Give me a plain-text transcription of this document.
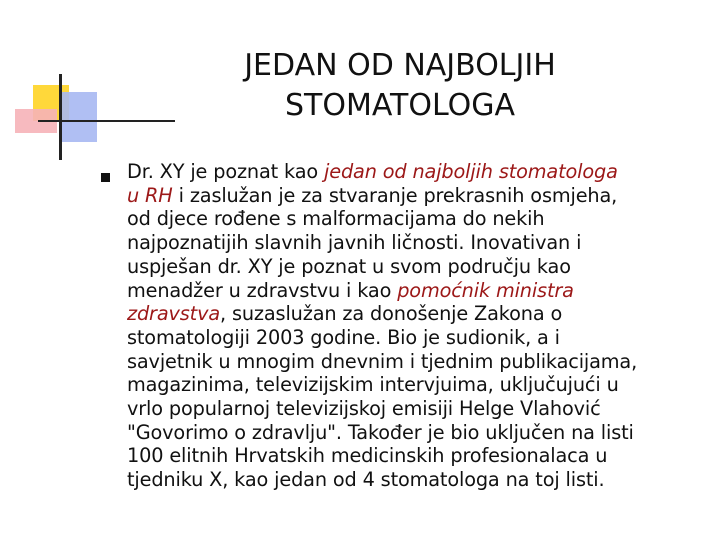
JEDAN OD NAJBOLJIH
STOMATOLOGA
Dr. XY je poznat kao jedan od najboljih stomatologa
u RH i zaslužan je za stvaranje prekrasnih osmjeha,
od djece rođene s malformacijama do nekih
najpoznatijih slavnih javnih ličnosti. Inovativan i
uspješan dr. XY je poznat u svom području kao
menadžer u zdravstvu i kao pomoćnik ministra
zdravstva, suzaslužan za donošenje Zakona o
stomatologiji 2003 godine. Bio je sudionik, a i
savjetnik u mnogim dnevnim i tjednim publikacijama,
magazinima, televizijskim intervjuima, uključujući u
vrlo popularnoj televizijskoj emisiji Helge Vlahović
"Govorimo o zdravlju". Također je bio uključen na listi
100 elitnih Hrvatskih medicinskih profesionalaca u
tjedniku X, kao jedan od 4 stomatologa na toj listi.
